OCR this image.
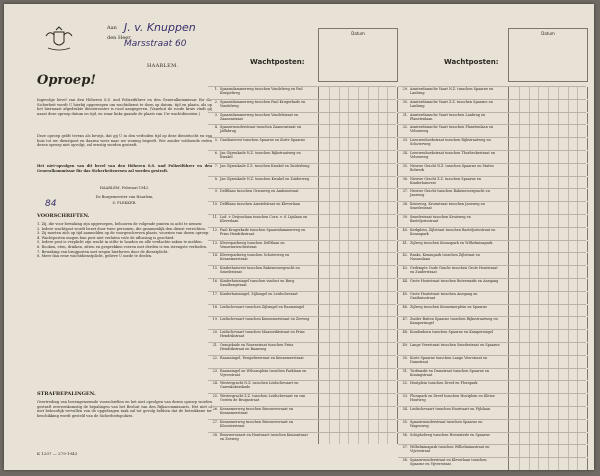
Aan
den Heer
J. v. Knuppen
Marsstraat 60
HAARLEM.
Oproep!
Ingevolge bevel van den Höheren S.S. und Polizeiführer en den Generalkommissar für die Sicherheit wordt U hierbij opgeroepen om wachtdienst te doen op datum, tijd en plaats, als op het hiernaast afgedrukte dienstrooster is rood aangegeven. (Vaneluit de roode kruis vindt gij naast deze oproep datum en tijd, en waar links gaande de plaats van Uw wachtdiensten.)
Deze oproep geldt tevens als bewijs, dat gij U in den verboden tijd op deze diensttocht en van huis tot uw dienstpost en daarna weer naar uw woning begeeft. Wie zonder voldoende reden dezen oproep niet opvolgt, zal ernstig worden gestraft.
Het niet-opvolgen van dit bevel van den Höheren S.S. und Polizeiführer en den Generalkommissar für das Sicherheitswesen zal worden gestraft.
84
HAARLEM, Februari 1943.
De Burgemeester van Haarlem,
S. PLEKKER.
VOORSCHRIFTEN.
1. Zij, die voor bewaking zijn opgeroepen, behooren de volgende punten in acht te nemen:
2. Iedere wachtpost wordt bezet door twee personen, die gezamenlijk den dienst verrichten.
3. Zij moeten zich op tijd aanmelden op de voorgeschreven plaats, voorzien van dezen oproep.
4. Wachtposten mogen hun post niet verlaten vóór de aflossing is geschied.
5. Iedere post is verplicht zijn wacht in stilte te houden en alle verdachte zaken te melden.
6. Rooken, eten, drinken, zitten en gesprekken voeren met derden is ten strengste verboden.
7. Bewaking van brugposten met wegen hierboven door de dienstplicht.
8. Meer dan eene wachtdienstplicht, gelieve U mede te deelen.
STRAFBEPALINGEN.
Overtreding van bovengenoemde voorschriften en het niet opvolgen van dezen oproep worden gestraft overeenkomstig de bepalingen van het Besluit van den Rijkscommissaris. Het niet of niet behoorlijk vervullen van de opgedragen taak zal tot gevolg hebben dat de betrokkene ter beschikking wordt gesteld van de Sicherheitspolizei.
K 1207 — 279-1943
Wachtposten:	Wachtposten:
Datum	Datum
1. Spaarndammerweg tusschen Vondelweg en Pad Kruipelweg
2. Spaarndammerweg tusschen Paul Krugerkade en Vondelweg
3. Spaarndammerweg tusschen Vondelstraat en Zaanenstraat
4. Spaarnwouderstraat tusschen Zaanenstraat en Jaffabrug
5. Gasthuisvest tusschen Spaarne en Korte Spaarne
6. Jan Gijzenkade N.Z. tusschen Rijkstraatweg en Kwakel
7. Jan Gijzenkade Z.Z. tusschen Kwakel en Zuiderbrug
8. Jan Gijzenkade N.Z. tusschen Kwakel en Zuiderweg
9. Delftlaan tusschen Orionweg en Ambonstraat
10. Delftlaan tusschen Amstelstraat en Kleverlaan
11. Lod. v. Deijsselaan tusschen Corn. v. d. Lijnlaan en Kleverlaan
12. Paul Krugerkade tusschen Spaarndammerweg en Prins Hendrikstraat
13. Kleverparkweg tusschen Delftlaan en Vennewateschestraat
14. Kleverparkweg tusschen Schoterweg en Kennemerstraat
15. Kinderhuisvest tusschen Bakenessergracht en Smedestraat
16. Kinderhuissingel tusschen viaduct en Burg. Sandbergstraat
17. Kinderhuissingel, Zijlsingel en Leidschevaart
18. Leidschevaart tusschen Zijlsingel en Raamsingel
19. Leidschevaart tusschen Kennemerstraat en Zeeweg
20. Leidschevaart tusschen Maasseiktstraat en Prins Hendrikstraat
21. Oranjekade en Rozenstraat tusschen Prins Hendrikstraat en Baanweg
22. Raamsingel, Tempelierstraat en Kennemerstraat
23. Raamsingel en Wilsonsplein tusschen Parklaan en Vijverstraat
24. Westergracht N.Z. tusschen Leidschevaart en Garenkokerskade
25. Westergracht Z.Z. tusschen Leidschevaart en van Oosten de Bruijnstraat
26. Kennemerweg tusschen Brouwersvaart en Kennemerstraat
27. Kennemerweg tusschen Brouwersvaart en Kloosterstraat
28. Brouwersvaart en Houtvaart tusschen Kenaustraat en Zeeweg
29. Amsterdamsche Vaart N.Z. tusschen Spaarne en Lanbrug
30. Amsterdamsche Vaart Z.Z. tusschen Spaarne en Lanbrug
31. Amsterdamsche Vaart tusschen Lanbrug en Planetenlaan
32. Amsterdamsche Vaart tusschen Planetenlaan en Velsenweg
33. Leeuwenhoekstraat tusschen Rijkstraatweg en Schoterweg
34. Leeuwenhoekstraat tusschen Thorbeckestraat en Velsenweg
35. Nieuwe Gracht N.Z. tusschen Spaarne en Staten Bolwerk
36. Nieuwe Gracht Z.Z. tusschen Spaarne en Kinderhuisvest
37. Nieuwe Gracht tusschen Bakenessergracht en Jansweg
38. Kruisweg, Kruisstraat tusschen Jansweg en Smedestraat
39. Smedestraat tusschen Kruisweg en Barteljorisstraat
40. Kerkplein, Zijlstraat tusschen Barteljorisstraat en Kenaupark
41. Zijlweg tusschen Kenaupark en Wilhelminapark
42. Raaks, Kenaupark tusschen Zijlstraat en Nassaulaan
43. Gedempte Oude Gracht tusschen Grote Houtstraat en Zuiderstraat
44. Grote Houtstraat tusschen Botermarkt en Anegang
45. Grote Houtstraat tusschen Anegang en Gasthuisstraat
46. Zijlweg tusschen Kennemerplein en Spaarne
47. Zuider Buiten Spaarne tusschen Rijksstraatweg en Kampersingel
48. Koudenhorn tusschen Spaarne en Kampersingel
49. Lange Veerstraat tusschen Smedestraat en Spaarne
50. Korte Spaarne tusschen Lange Veerstraat en Damstraat
51. Turfmarkt en Damstraat tusschen Spaarne en Koningstraat
52. Houtplein tusschen Dreef en Florapark
53. Florapark en Dreef tusschen Houtplein en Kleine Houtweg
54. Leidschevaart tusschen Houtvaart en Pijlslaan
55. Spaarnwouderstraat tusschen Spaarne en Wagenweg
56. Schipholweg tusschen Heemstede en Spaarne
57. Wilhelminapark tusschen Wilhelminastraat en Vijverstraat
58. Spaarnwouderstraat en Kleverlaan tusschen Spaarne en Vijverstraat
